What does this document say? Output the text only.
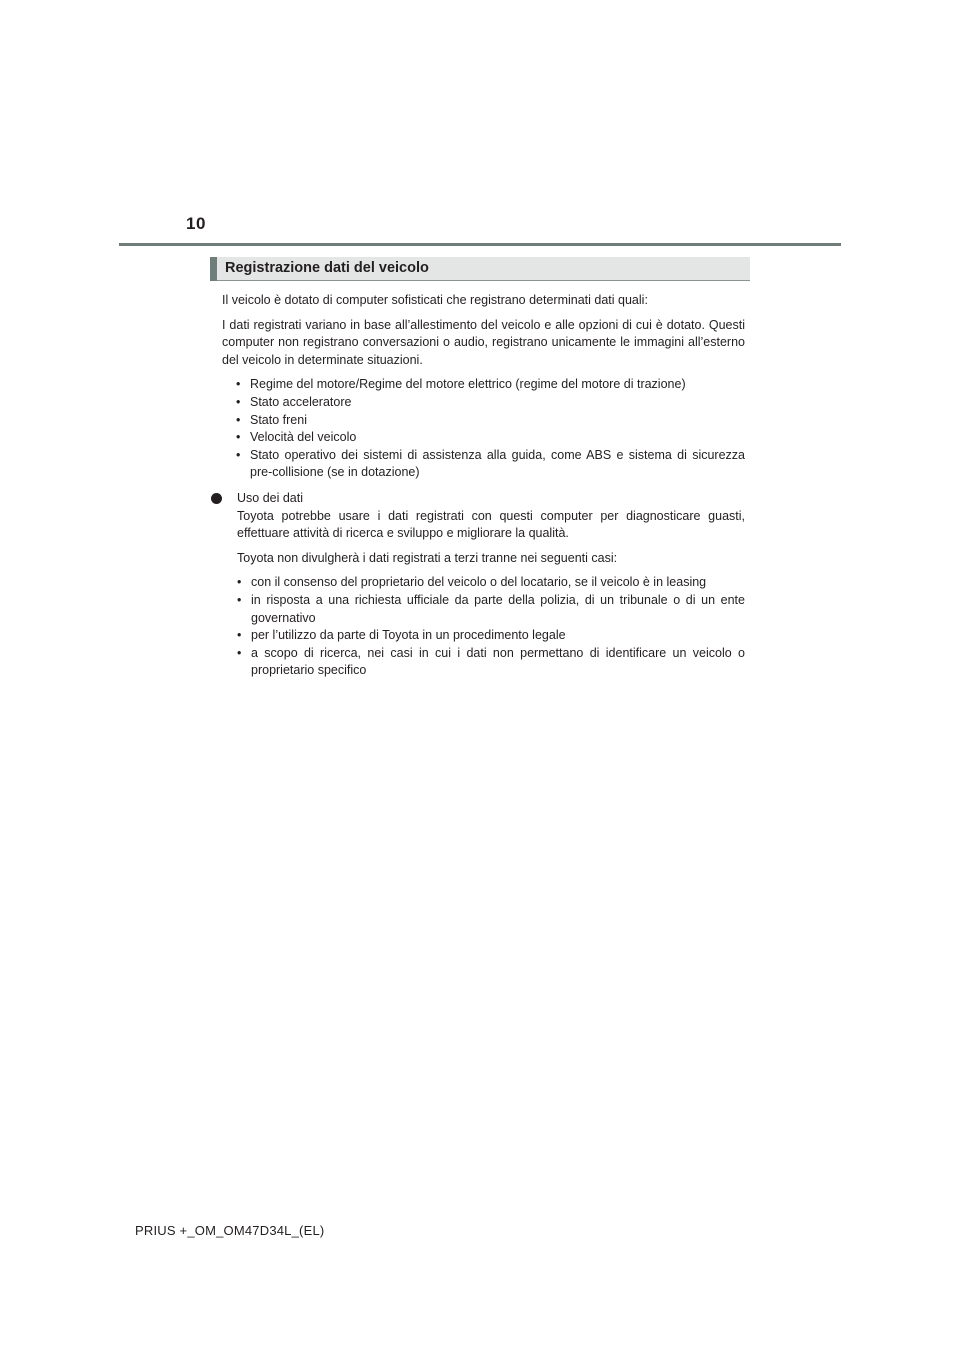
10
Registrazione dati del veicolo

Il veicolo è dotato di computer sofisticati che registrano determinati dati quali:

I dati registrati variano in base all’allestimento del veicolo e alle opzioni di cui è dotato. Questi computer non registrano conversazioni o audio, registrano unicamente le immagini all’esterno del veicolo in determinate situazioni.

• Regime del motore/Regime del motore elettrico (regime del motore di trazione)
• Stato acceleratore
• Stato freni
• Velocità del veicolo
• Stato operativo dei sistemi di assistenza alla guida, come ABS e sistema di sicurezza pre-collisione (se in dotazione)

Uso dei dati

Toyota potrebbe usare i dati registrati con questi computer per diagnosticare guasti, effettuare attività di ricerca e sviluppo e migliorare la qualità.

Toyota non divulgherà i dati registrati a terzi tranne nei seguenti casi:

• con il consenso del proprietario del veicolo o del locatario, se il veicolo è in leasing
• in risposta a una richiesta ufficiale da parte della polizia, di un tribunale o di un ente governativo
• per l’utilizzo da parte di Toyota in un procedimento legale
• a scopo di ricerca, nei casi in cui i dati non permettano di identificare un veicolo o proprietario specifico
PRIUS +_OM_OM47D34L_(EL)
